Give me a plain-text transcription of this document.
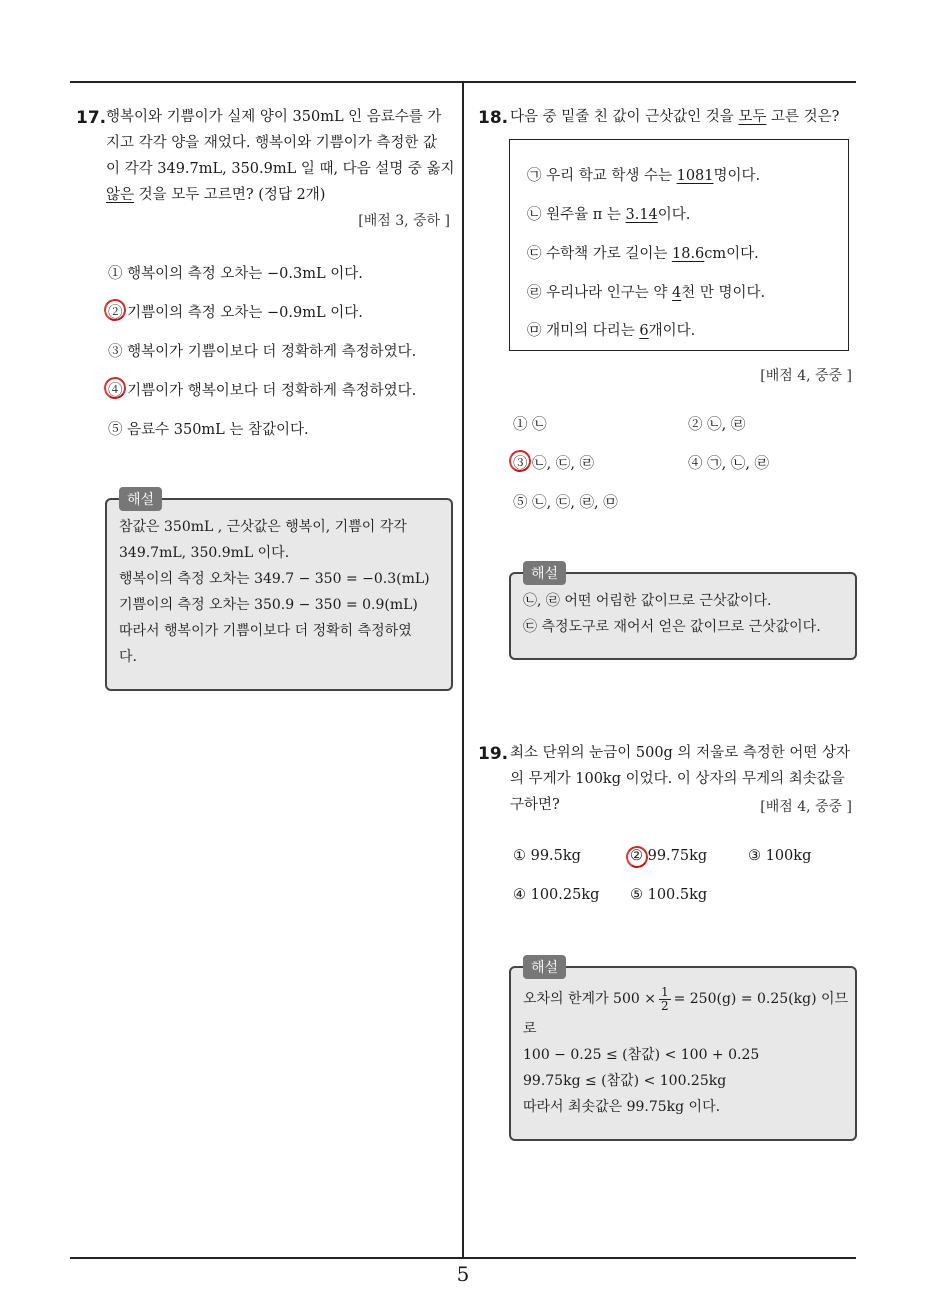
17. 행복이와 기쁨이가 실제 양이 350mL 인 음료수를 가
지고 각각 양을 재었다. 행복이와 기쁨이가 측정한 값
이 각각 349.7mL, 350.9mL 일 때, 다음 설명 중 옳지
않은 것을 모두 고르면? (정답 2개)
[배점 3, 중하 ]
① 행복이의 측정 오차는 −0.3mL 이다.
② 기쁨이의 측정 오차는 −0.9mL 이다.
③ 행복이가 기쁨이보다 더 정확하게 측정하였다.
④ 기쁨이가 행복이보다 더 정확하게 측정하였다.
⑤ 음료수 350mL 는 참값이다.
해설
참값은 350mL , 근삿값은 행복이, 기쁨이 각각
349.7mL, 350.9mL 이다.
행복이의 측정 오차는 349.7 − 350 = −0.3(mL)
기쁨이의 측정 오차는 350.9 − 350 = 0.9(mL)
따라서 행복이가 기쁨이보다 더 정확히 측정하였
다.
18. 다음 중 밑줄 친 값이 근삿값인 것을 모두 고른 것은?
㉠ 우리 학교 학생 수는 1081명이다.
㉡ 원주율 π 는 3.14이다.
㉢ 수학책 가로 길이는 18.6cm이다.
㉣ 우리나라 인구는 약 4천 만 명이다.
㉤ 개미의 다리는 6개이다.
[배점 4, 중중 ]
① ㉡	② ㉡, ㉣
③ ㉡, ㉢, ㉣	④ ㉠, ㉡, ㉣
⑤ ㉡, ㉢, ㉣, ㉤
해설
㉡, ㉣ 어떤 어림한 값이므로 근삿값이다.
㉢ 측정도구로 재어서 얻은 값이므로 근삿값이다.
19. 최소 단위의 눈금이 500g 의 저울로 측정한 어떤 상자
의 무게가 100kg 이었다. 이 상자의 무게의 최솟값을
구하면?	[배점 4, 중중 ]
① 99.5kg	② 99.75kg	③ 100kg
④ 100.25kg ⑤ 100.5kg
해설
오차의 한계가 $500 \times \frac{1}{2} = 250(g) = 0.25(kg)$ 이므
로
100 − 0.25 ≤ (참값) < 100 + 0.25
99.75kg ≤ (참값) < 100.25kg
따라서 최솟값은 99.75kg 이다.
5
